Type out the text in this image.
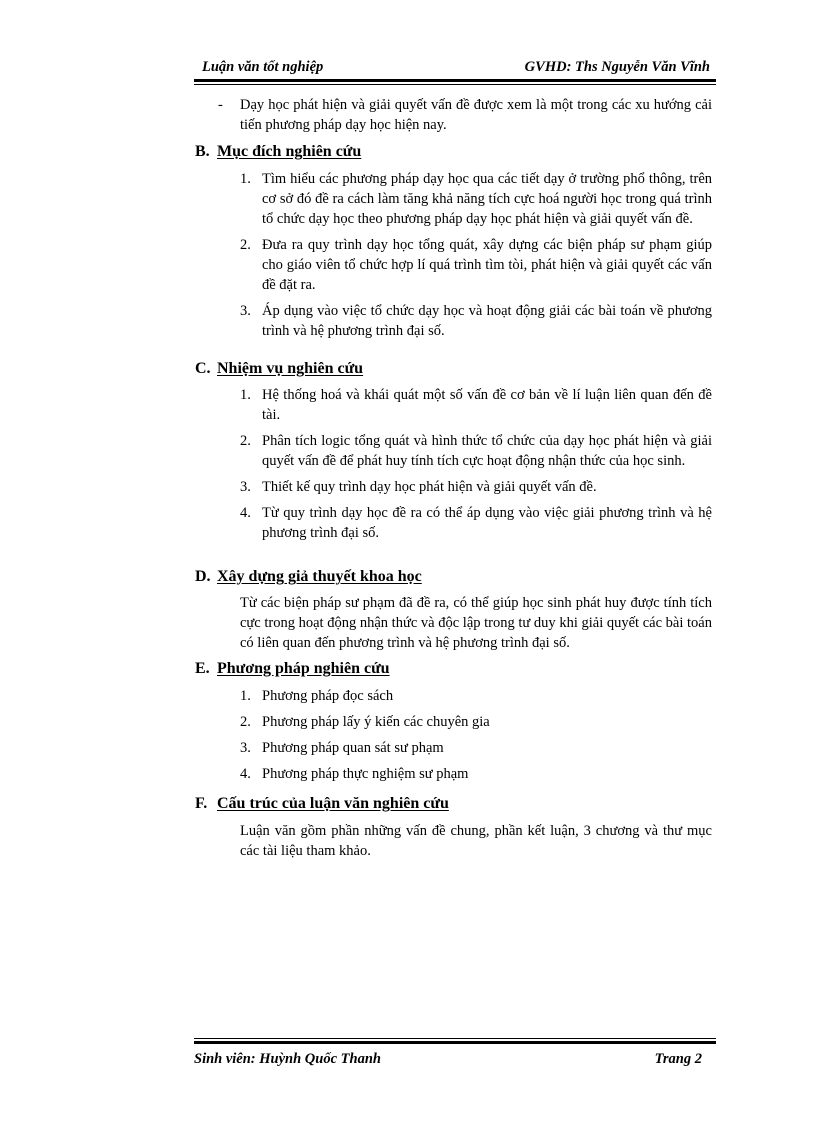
Luận văn tốt nghiệp	GVHD: Ths Nguyễn Văn Vĩnh
- Dạy học phát hiện và giải quyết vấn đề được xem là một trong các xu hướng cải tiến phương pháp dạy học hiện nay.
B. Mục đích nghiên cứu
1. Tìm hiểu các phương pháp dạy học qua các tiết dạy ở trường phổ thông, trên cơ sở đó đề ra cách làm tăng khả năng tích cực hoá người học trong quá trình tổ chức dạy học theo phương pháp dạy học phát hiện và giải quyết vấn đề.
2. Đưa ra quy trình dạy học tổng quát, xây dựng các biện pháp sư phạm giúp cho giáo viên tổ chức hợp lí quá trình tìm tòi, phát hiện và giải quyết các vấn đề đặt ra.
3. Áp dụng vào việc tổ chức dạy học và hoạt động giải các bài toán về phương trình và hệ phương trình đại số.
C. Nhiệm vụ nghiên cứu
1. Hệ thống hoá và khái quát một số vấn đề cơ bản về lí luận liên quan đến đề tài.
2. Phân tích logic tổng quát và hình thức tổ chức của dạy học phát hiện và giải quyết vấn đề để phát huy tính tích cực hoạt động nhận thức của học sinh.
3. Thiết kế quy trình dạy học phát hiện và giải quyết vấn đề.
4. Từ quy trình dạy học đề ra có thể áp dụng vào việc giải phương trình và hệ phương trình đại số.
D. Xây dựng giả thuyết khoa học
Từ các biện pháp sư phạm đã đề ra, có thể giúp học sinh phát huy được tính tích cực trong hoạt động nhận thức và độc lập trong tư duy khi giải quyết các bài toán có liên quan đến phương trình và hệ phương trình đại số.
E. Phương pháp nghiên cứu
1. Phương pháp đọc sách
2. Phương pháp lấy ý kiến các chuyên gia
3. Phương pháp quan sát sư phạm
4. Phương pháp thực nghiệm sư phạm
F. Cấu trúc của luận văn nghiên cứu
Luận văn gồm phần những vấn đề chung, phần kết luận, 3 chương và thư mục các tài liệu tham khảo.
Sinh viên: Huỳnh Quốc Thanh	Trang 2
